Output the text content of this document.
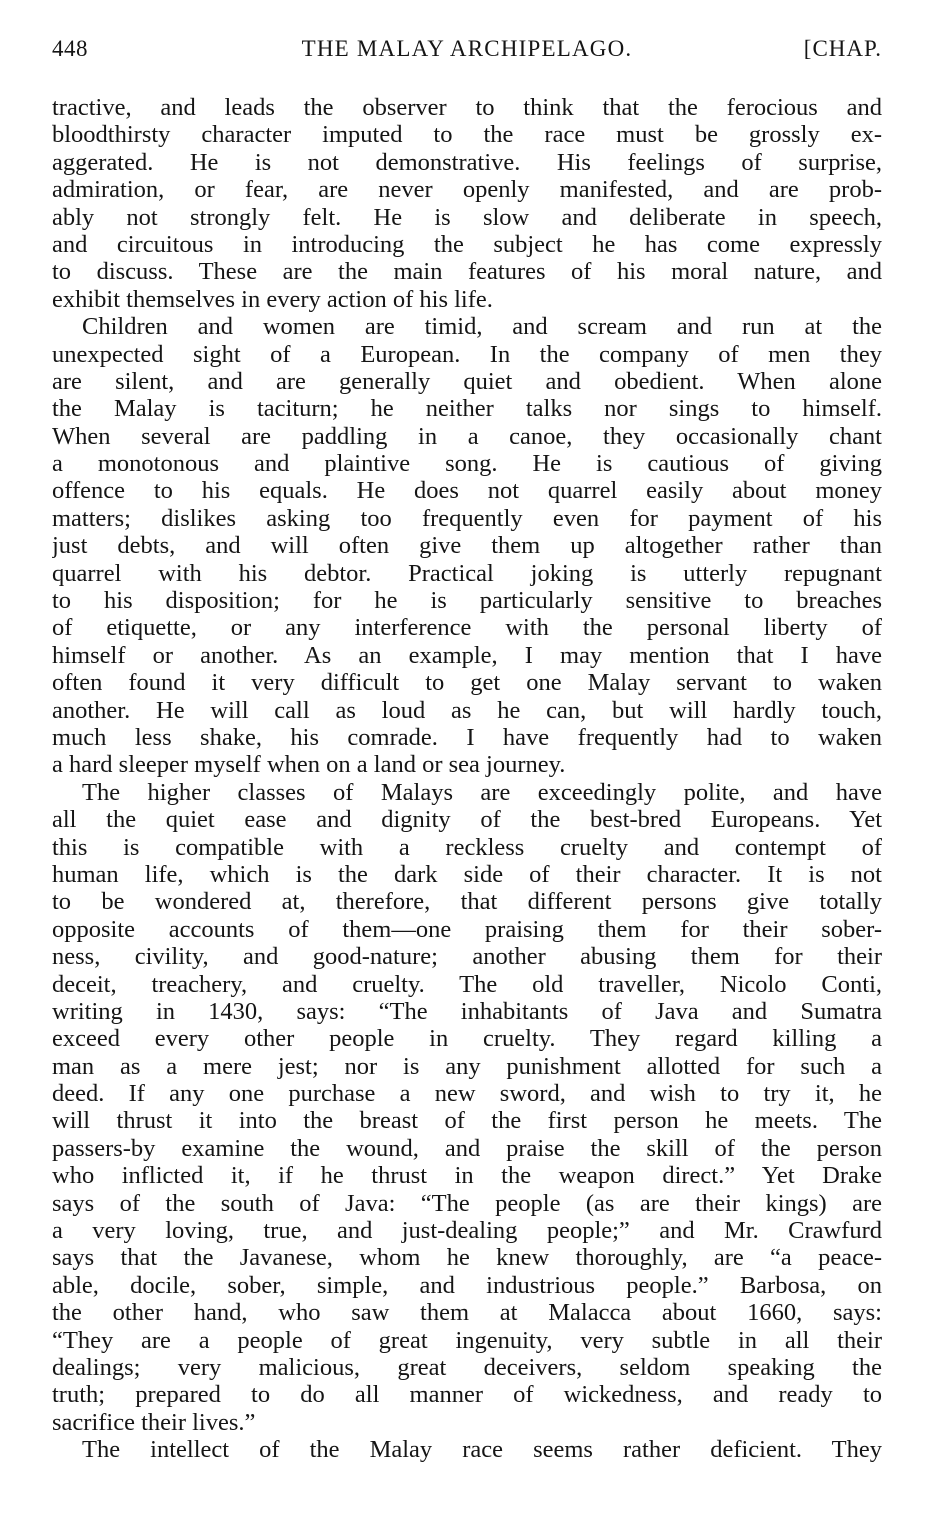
448	THE MALAY ARCHIPELAGO.	[CHAP.
tractive, and leads the observer to think that the ferocious and
bloodthirsty character imputed to the race must be grossly ex-
aggerated. He is not demonstrative. His feelings of surprise,
admiration, or fear, are never openly manifested, and are prob-
ably not strongly felt. He is slow and deliberate in speech,
and circuitous in introducing the subject he has come expressly
to discuss. These are the main features of his moral nature, and
exhibit themselves in every action of his life.
Children and women are timid, and scream and run at the
unexpected sight of a European. In the company of men they
are silent, and are generally quiet and obedient. When alone
the Malay is taciturn; he neither talks nor sings to himself.
When several are paddling in a canoe, they occasionally chant
a monotonous and plaintive song. He is cautious of giving
offence to his equals. He does not quarrel easily about money
matters; dislikes asking too frequently even for payment of his
just debts, and will often give them up altogether rather than
quarrel with his debtor. Practical joking is utterly repugnant
to his disposition; for he is particularly sensitive to breaches
of etiquette, or any interference with the personal liberty of
himself or another. As an example, I may mention that I have
often found it very difficult to get one Malay servant to waken
another. He will call as loud as he can, but will hardly touch,
much less shake, his comrade. I have frequently had to waken
a hard sleeper myself when on a land or sea journey.
The higher classes of Malays are exceedingly polite, and have
all the quiet ease and dignity of the best-bred Europeans. Yet
this is compatible with a reckless cruelty and contempt of
human life, which is the dark side of their character. It is not
to be wondered at, therefore, that different persons give totally
opposite accounts of them—one praising them for their sober-
ness, civility, and good-nature; another abusing them for their
deceit, treachery, and cruelty. The old traveller, Nicolo Conti,
writing in 1430, says: “The inhabitants of Java and Sumatra
exceed every other people in cruelty. They regard killing a
man as a mere jest; nor is any punishment allotted for such a
deed. If any one purchase a new sword, and wish to try it, he
will thrust it into the breast of the first person he meets. The
passers-by examine the wound, and praise the skill of the person
who inflicted it, if he thrust in the weapon direct.” Yet Drake
says of the south of Java: “The people (as are their kings) are
a very loving, true, and just-dealing people;” and Mr. Crawfurd
says that the Javanese, whom he knew thoroughly, are “a peace-
able, docile, sober, simple, and industrious people.” Barbosa, on
the other hand, who saw them at Malacca about 1660, says:
“They are a people of great ingenuity, very subtle in all their
dealings; very malicious, great deceivers, seldom speaking the
truth; prepared to do all manner of wickedness, and ready to
sacrifice their lives.”
The intellect of the Malay race seems rather deficient. They
